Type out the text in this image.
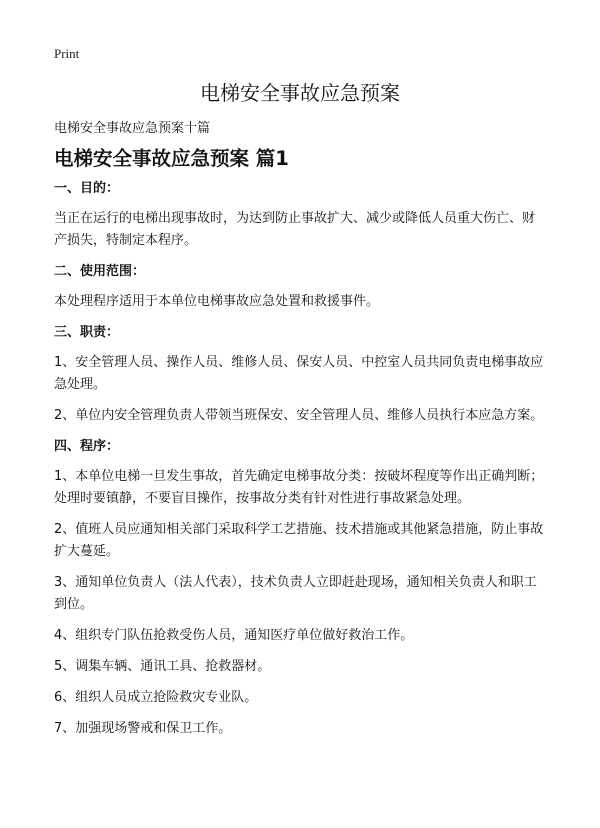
Print
电梯安全事故应急预案

电梯安全事故应急预案十篇

电梯安全事故应急预案 篇1
一、目的：

当正在运行的电梯出现事故时，为达到防止事故扩大、减少或降低人员重大伤亡、财产损失，特制定本程序。

二、使用范围：

本处理程序适用于本单位电梯事故应急处置和救援事件。

三、职责：

1、安全管理人员、操作人员、维修人员、保安人员、中控室人员共同负责电梯事故应急处理。

2、单位内安全管理负责人带领当班保安、安全管理人员、维修人员执行本应急方案。

四、程序：

1、本单位电梯一旦发生事故，首先确定电梯事故分类：按破坏程度等作出正确判断；处理时要镇静，不要盲目操作，按事故分类有针对性进行事故紧急处理。

2、值班人员应通知相关部门采取科学工艺措施、技术措施或其他紧急措施，防止事故扩大蔓延。

3、通知单位负责人（法人代表），技术负责人立即赶赴现场，通知相关负责人和职工到位。

4、组织专门队伍抢救受伤人员，通知医疗单位做好救治工作。

5、调集车辆、通讯工具、抢救器材。

6、组织人员成立抢险救灾专业队。

7、加强现场警戒和保卫工作。
